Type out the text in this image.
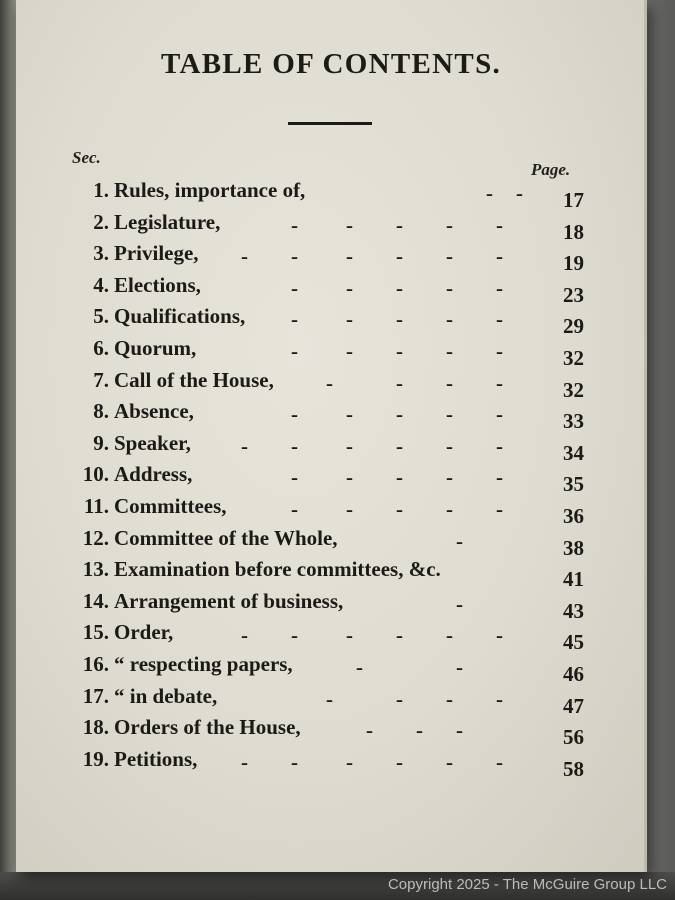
TABLE OF CONTENTS.
Sec.
Page.
- -
1. Rules, importance of,	17
- - - - -
2. Legislature,	18
- - - - - -
3. Privilege,	19
- - - - -
4. Elections,	23
- - - - -
5. Qualifications,	29
- - - - -
6. Quorum,	32
-	- - -
7. Call of the House,	32
- - - - -
8. Absence,	33
- - - - - -
9. Speaker,	34
- - - - -
10. Address,	35
- - - - -
11. Committees,	36
-
12. Committee of the Whole,	38
13. Examination before committees, &c.	41
-
14. Arrangement of business,	43
- - - - - -
15. Order,	45
-	-
16. “ respecting papers,	46
-	- - -
17. “ in debate,	47
- - -
18. Orders of the House,	56
- - - - - -
19. Petitions,	58
Copyright 2025 - The McGuire Group LLC
